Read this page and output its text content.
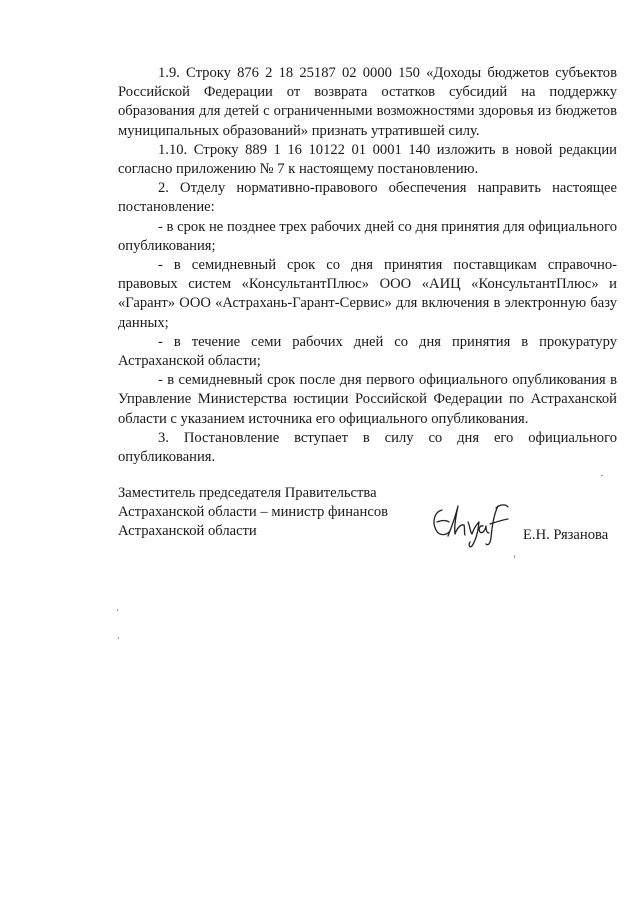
1.9. Строку 876 2 18 25187 02 0000 150 «Доходы бюджетов субъектов Российской Федерации от возврата остатков субсидий на поддержку образования для детей с ограниченными возможностями здоровья из бюджетов муниципальных образований» признать утратившей силу.

1.10. Строку 889 1 16 10122 01 0001 140 изложить в новой редакции согласно приложению № 7 к настоящему постановлению.

2. Отделу нормативно-правового обеспечения направить настоящее постановление:

- в срок не позднее трех рабочих дней со дня принятия для официального опубликования;

- в семидневный срок со дня принятия поставщикам справочно-правовых систем «КонсультантПлюс» ООО «АИЦ «КонсультантПлюс» и «Гарант» ООО «Астрахань-Гарант-Сервис» для включения в электронную базу данных;

- в течение семи рабочих дней со дня принятия в прокуратуру Астраханской области;

- в семидневный срок после дня первого официального опубликования в Управление Министерства юстиции Российской Федерации по Астраханской области с указанием источника его официального опубликования.

3. Постановление вступает в силу со дня его официального опубликования.

Заместитель председателя Правительства
Астраханской области – министр финансов
Астраханской области	Е.Н. Рязанова
